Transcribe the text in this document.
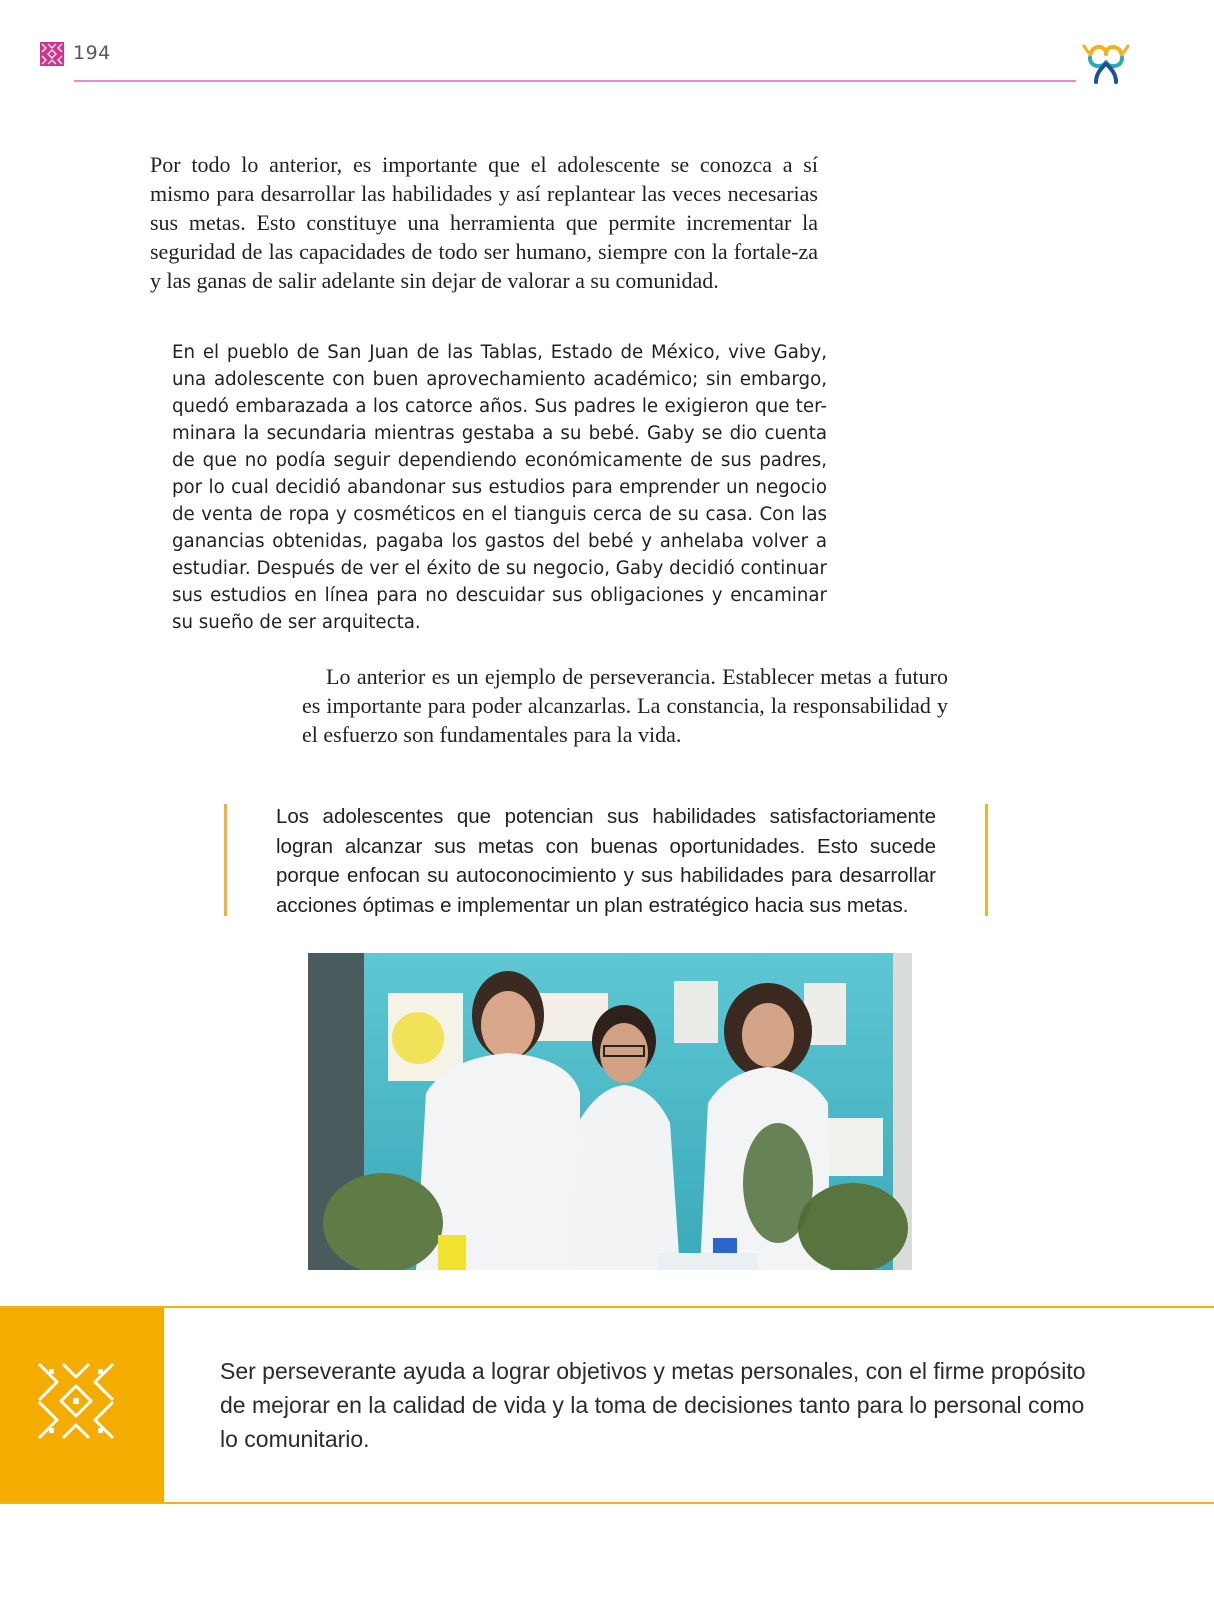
194

Por todo lo anterior, es importante que el adolescente se conozca a sí mismo para desarrollar las habilidades y así replantear las veces necesarias sus metas. Esto constituye una herramienta que permite incrementar la seguridad de las capacidades de todo ser humano, siempre con la fortale-za y las ganas de salir adelante sin dejar de valorar a su comunidad.

En el pueblo de San Juan de las Tablas, Estado de México, vive Gaby, una adolescente con buen aprovechamiento académico; sin embargo, quedó embarazada a los catorce años. Sus padres le exigieron que ter-minara la secundaria mientras gestaba a su bebé. Gaby se dio cuenta de que no podía seguir dependiendo económicamente de sus padres, por lo cual decidió abandonar sus estudios para emprender un negocio de venta de ropa y cosméticos en el tianguis cerca de su casa. Con las ganancias obtenidas, pagaba los gastos del bebé y anhelaba volver a estudiar. Después de ver el éxito de su negocio, Gaby decidió continuar sus estudios en línea para no descuidar sus obligaciones y encaminar su sueño de ser arquitecta.

Lo anterior es un ejemplo de perseverancia. Establecer metas a futuro es importante para poder alcanzarlas. La constancia, la responsabilidad y el esfuerzo son fundamentales para la vida.

Los adolescentes que potencian sus habilidades satisfactoriamente logran alcanzar sus metas con buenas oportunidades. Esto sucede porque enfocan su autoconocimiento y sus habilidades para desarrollar acciones óptimas e implementar un plan estratégico hacia sus metas.

Ser perseverante ayuda a lograr objetivos y metas personales, con el firme propósito de mejorar en la calidad de vida y la toma de decisiones tanto para lo personal como lo comunitario.
